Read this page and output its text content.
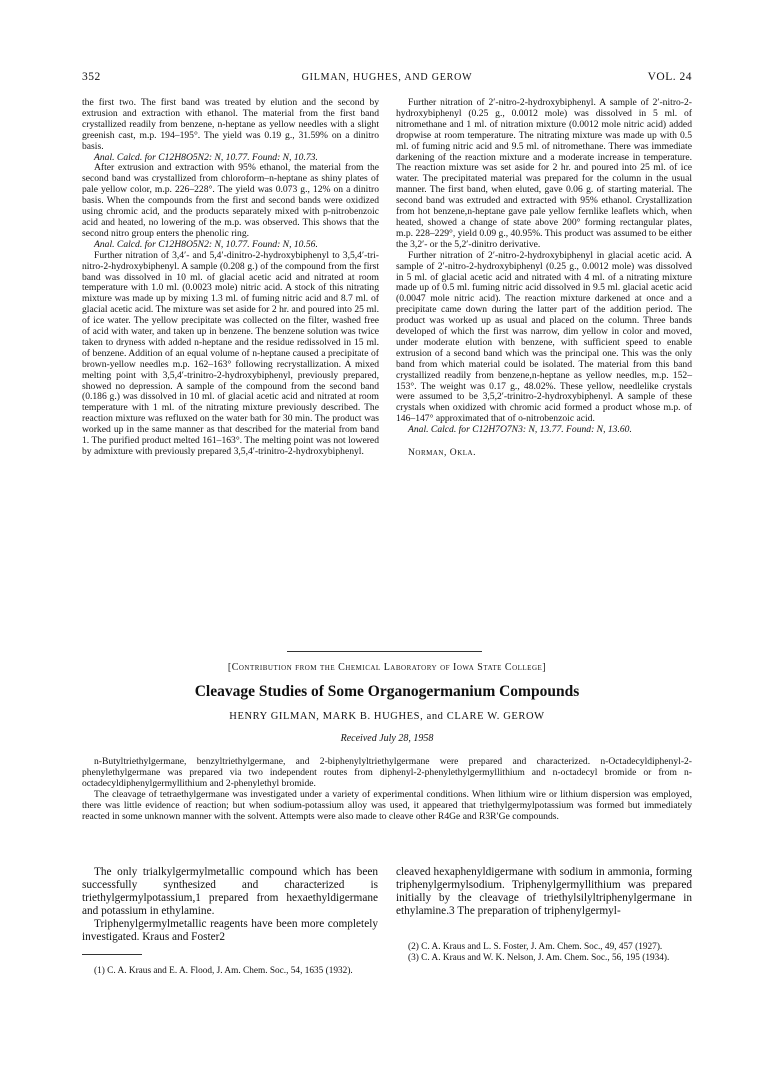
352	GILMAN, HUGHES, AND GEROW	VOL. 24

the first two. The first band was treated by elution and the second by extrusion and extraction with ethanol. The material from the first band crystallized readily from benzene, n-heptane as yellow needles with a slight greenish cast, m.p. 194–195°. The yield was 0.19 g., 31.59% on a dinitro basis.

Anal. Calcd. for C12H8O5N2: N, 10.77. Found: N, 10.73.

After extrusion and extraction with 95% ethanol, the material from the second band was crystallized from chloroform–n-heptane as shiny plates of pale yellow color, m.p. 226–228°. The yield was 0.073 g., 12% on a dinitro basis. When the compounds from the first and second bands were oxidized using chromic acid, and the products separately mixed with p-nitrobenzoic acid and heated, no lowering of the m.p. was observed. This shows that the second nitro group enters the phenolic ring.

Anal. Calcd. for C12H8O5N2: N, 10.77. Found: N, 10.56.

Further nitration of 3,4′- and 5,4′-dinitro-2-hydroxybiphenyl to 3,5,4′-tri-nitro-2-hydroxybiphenyl. A sample (0.208 g.) of the compound from the first band was dissolved in 10 ml. of glacial acetic acid and nitrated at room temperature with 1.0 ml. (0.0023 mole) nitric acid. A stock of this nitrating mixture was made up by mixing 1.3 ml. of fuming nitric acid and 8.7 ml. of glacial acetic acid. The mixture was set aside for 2 hr. and poured into 25 ml. of ice water. The yellow precipitate was collected on the filter, washed free of acid with water, and taken up in benzene. The benzene solution was twice taken to dryness with added n-heptane and the residue redissolved in 15 ml. of benzene. Addition of an equal volume of n-heptane caused a precipitate of brown-yellow needles m.p. 162–163° following recrystallization. A mixed melting point with 3,5,4′-trinitro-2-hydroxybiphenyl, previously prepared, showed no depression. A sample of the compound from the second band (0.186 g.) was dissolved in 10 ml. of glacial acetic acid and nitrated at room temperature with 1 ml. of the nitrating mixture previously described. The reaction mixture was refluxed on the water bath for 30 min. The product was worked up in the same manner as that described for the material from band 1. The purified product melted 161–163°. The melting point was not lowered by admixture with previously prepared 3,5,4′-trinitro-2-hydroxybiphenyl.

Further nitration of 2′-nitro-2-hydroxybiphenyl. A sample of 2′-nitro-2-hydroxybiphenyl (0.25 g., 0.0012 mole) was dissolved in 5 ml. of nitromethane and 1 ml. of nitration mixture (0.0012 mole nitric acid) added dropwise at room temperature. The nitrating mixture was made up with 0.5 ml. of fuming nitric acid and 9.5 ml. of nitromethane. There was immediate darkening of the reaction mixture and a moderate increase in temperature. The reaction mixture was set aside for 2 hr. and poured into 25 ml. of ice water. The precipitated material was prepared for the column in the usual manner. The first band, when eluted, gave 0.06 g. of starting material. The second band was extruded and extracted with 95% ethanol. Crystallization from hot benzene,n-heptane gave pale yellow fernlike leaflets which, when heated, showed a change of state above 200° forming rectangular plates, m.p. 228–229°, yield 0.09 g., 40.95%. This product was assumed to be either the 3,2′- or the 5,2′-dinitro derivative.

Further nitration of 2′-nitro-2-hydroxybiphenyl in glacial acetic acid. A sample of 2′-nitro-2-hydroxybiphenyl (0.25 g., 0.0012 mole) was dissolved in 5 ml. of glacial acetic acid and nitrated with 4 ml. of a nitrating mixture made up of 0.5 ml. fuming nitric acid dissolved in 9.5 ml. glacial acetic acid (0.0047 mole nitric acid). The reaction mixture darkened at once and a precipitate came down during the latter part of the addition period. The product was worked up as usual and placed on the column. Three bands developed of which the first was narrow, dim yellow in color and moved, under moderate elution with benzene, with sufficient speed to enable extrusion of a second band which was the principal one. This was the only band from which material could be isolated. The material from this band crystallized readily from benzene,n-heptane as yellow needles, m.p. 152–153°. The weight was 0.17 g., 48.02%. These yellow, needlelike crystals were assumed to be 3,5,2′-trinitro-2-hydroxybiphenyl. A sample of these crystals when oxidized with chromic acid formed a product whose m.p. of 146–147° approximated that of o-nitrobenzoic acid.

Anal. Calcd. for C12H7O7N3: N, 13.77. Found: N, 13.60.

Norman, Okla.

[Contribution from the Chemical Laboratory of Iowa State College]
Cleavage Studies of Some Organogermanium Compounds
HENRY GILMAN, MARK B. HUGHES, and CLARE W. GEROW
Received July 28, 1958

n-Butyltriethylgermane, benzyltriethylgermane, and 2-biphenylyltriethylgermane were prepared and characterized. n-Octadecyldiphenyl-2-phenylethylgermane was prepared via two independent routes from diphenyl-2-phenylethylgermyllithium and n-octadecyl bromide or from n-octadecyldiphenylgermyllithium and 2-phenylethyl bromide.

The cleavage of tetraethylgermane was investigated under a variety of experimental conditions. When lithium wire or lithium dispersion was employed, there was little evidence of reaction; but when sodium-potassium alloy was used, it appeared that triethylgermylpotassium was formed but immediately reacted in some unknown manner with the solvent. Attempts were also made to cleave other R4Ge and R3R′Ge compounds.

The only trialkylgermylmetallic compound which has been successfully synthesized and characterized is triethylgermylpotassium,1 prepared from hexaethyldigermane and potassium in ethylamine.

Triphenylgermylmetallic reagents have been more completely investigated. Kraus and Foster2

cleaved hexaphenyldigermane with sodium in ammonia, forming triphenylgermylsodium. Triphenylgermyllithium was prepared initially by the cleavage of triethylsilyltriphenylgermane in ethylamine.3 The preparation of triphenylgermyl-

(1) C. A. Kraus and E. A. Flood, J. Am. Chem. Soc., 54, 1635 (1932).

(2) C. A. Kraus and L. S. Foster, J. Am. Chem. Soc., 49, 457 (1927).

(3) C. A. Kraus and W. K. Nelson, J. Am. Chem. Soc., 56, 195 (1934).
